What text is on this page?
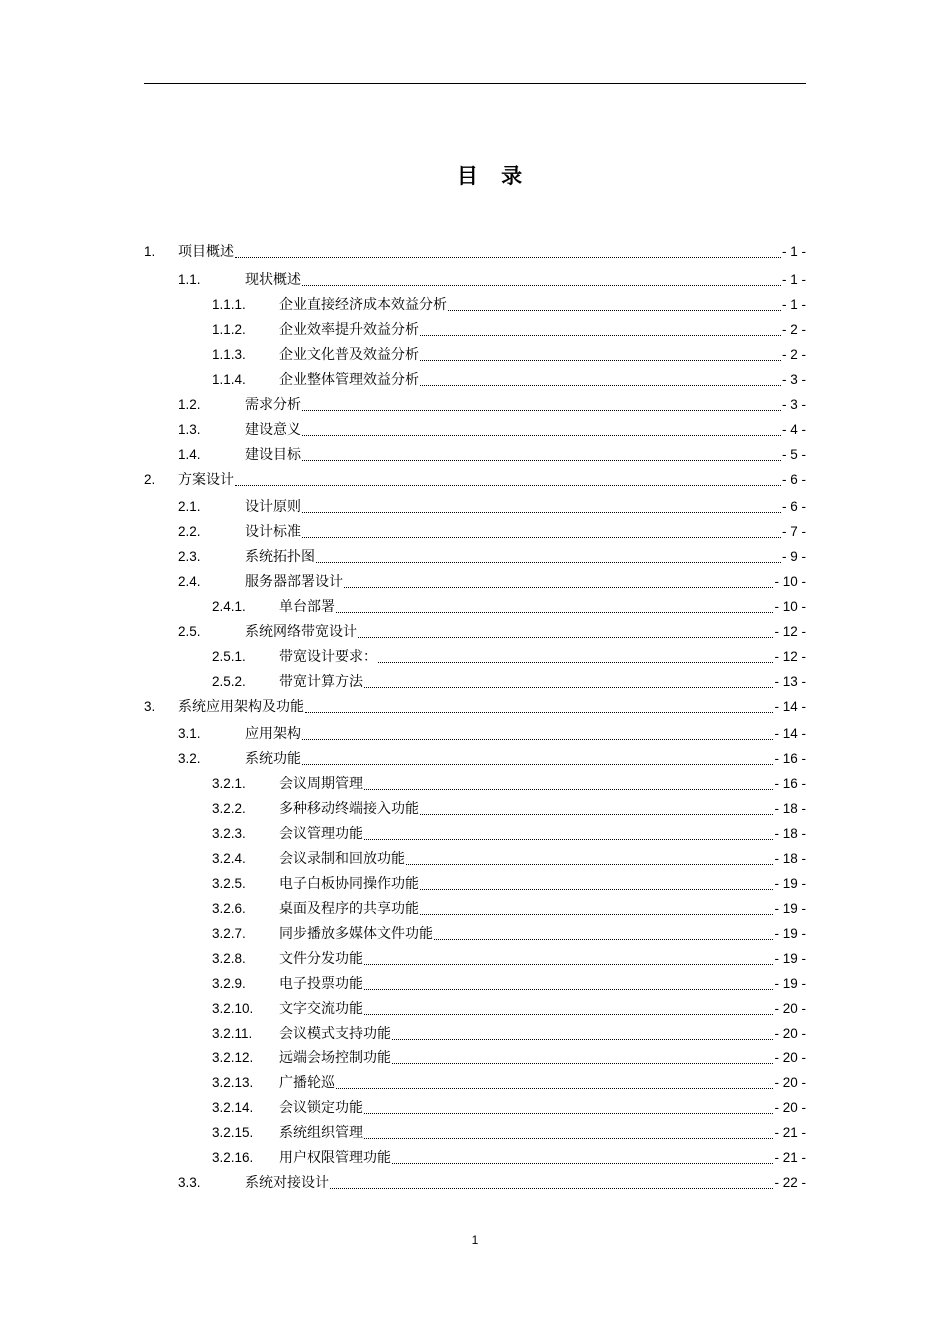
目 录
1.	项目概述	- 1 -
1.1.	现状概述	- 1 -
1.1.1.	企业直接经济成本效益分析	- 1 -
1.1.2.	企业效率提升效益分析	- 2 -
1.1.3.	企业文化普及效益分析	- 2 -
1.1.4.	企业整体管理效益分析	- 3 -
1.2.	需求分析	- 3 -
1.3.	建设意义	- 4 -
1.4.	建设目标	- 5 -
2.	方案设计	- 6 -
2.1.	设计原则	- 6 -
2.2.	设计标准	- 7 -
2.3.	系统拓扑图	- 9 -
2.4.	服务器部署设计	- 10 -
2.4.1.	单台部署	- 10 -
2.5.	系统网络带宽设计	- 12 -
2.5.1.	带宽设计要求：	- 12 -
2.5.2.	带宽计算方法	- 13 -
3.	系统应用架构及功能	- 14 -
3.1.	应用架构	- 14 -
3.2.	系统功能	- 16 -
3.2.1.	会议周期管理	- 16 -
3.2.2.	多种移动终端接入功能	- 18 -
3.2.3.	会议管理功能	- 18 -
3.2.4.	会议录制和回放功能	- 18 -
3.2.5.	电子白板协同操作功能	- 19 -
3.2.6.	桌面及程序的共享功能	- 19 -
3.2.7.	同步播放多媒体文件功能	- 19 -
3.2.8.	文件分发功能	- 19 -
3.2.9.	电子投票功能	- 19 -
3.2.10.	文字交流功能	- 20 -
3.2.11.	会议模式支持功能	- 20 -
3.2.12.	远端会场控制功能	- 20 -
3.2.13.	广播轮巡	- 20 -
3.2.14.	会议锁定功能	- 20 -
3.2.15.	系统组织管理	- 21 -
3.2.16.	用户权限管理功能	- 21 -
3.3.	系统对接设计	- 22 -
1
